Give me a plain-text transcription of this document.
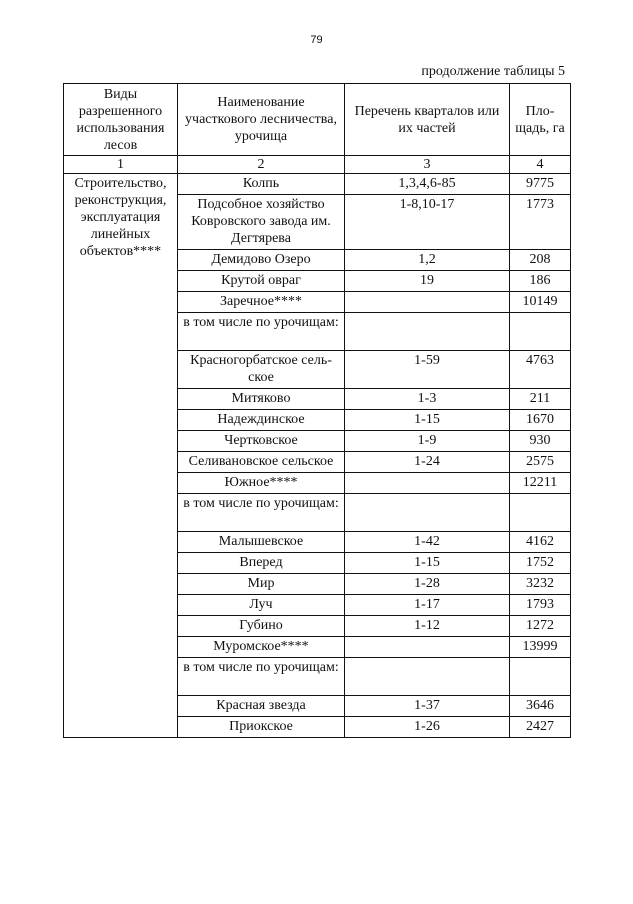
79
продолжение таблицы 5
Виды разрешенного использования лесов	Наименование участкового лесничества, урочища	Перечень кварталов или их частей	Пло-щадь, га
1	2	3	4
Строительство, реконструкция, эксплуатация линейных объектов****	Колпь	1,3,4,6-85	9775
	Подсобное хозяйство Ковровского завода им. Дегтярева	1-8,10-17	1773
	Демидово Озеро	1,2	208
	Крутой овраг	19	186
	Заречное****		10149
	в том числе по урочищам:		
	Красногорбатское сель-ское	1-59	4763
	Митяково	1-3	211
	Надеждинское	1-15	1670
	Чертковское	1-9	930
	Селивановское сельское	1-24	2575
	Южное****		12211
	в том числе по урочищам:		
	Малышевское	1-42	4162
	Вперед	1-15	1752
	Мир	1-28	3232
	Луч	1-17	1793
	Губино	1-12	1272
	Муромское****		13999
	в том числе по урочищам:		
	Красная звезда	1-37	3646
	Приокское	1-26	2427
